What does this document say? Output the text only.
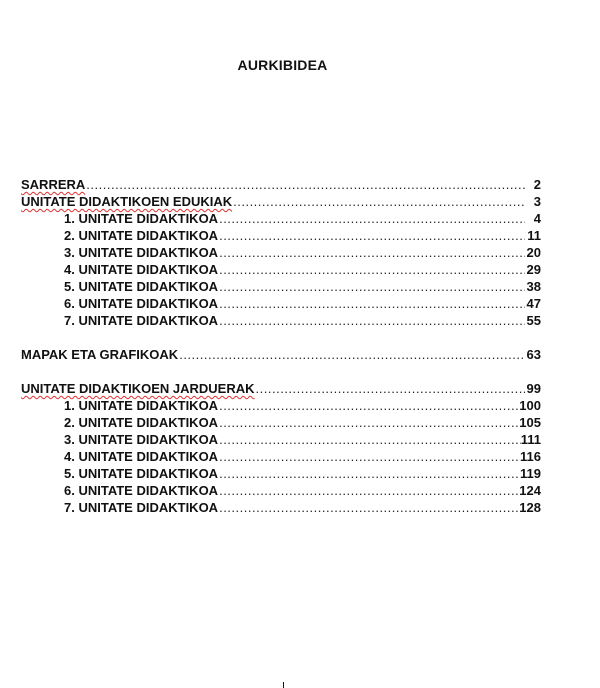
AURKIBIDEA
SARRERA .....	2
UNITATE DIDAKTIKOEN EDUKIAK .....	3
1. UNITATE DIDAKTIKOA .....	4
2. UNITATE DIDAKTIKOA .....	11
3. UNITATE DIDAKTIKOA .....	20
4. UNITATE DIDAKTIKOA .....	29
5. UNITATE DIDAKTIKOA .....	38
6. UNITATE DIDAKTIKOA .....	47
7. UNITATE DIDAKTIKOA .....	55
MAPAK ETA GRAFIKOAK .....	63
UNITATE DIDAKTIKOEN JARDUERAK .....	99
1. UNITATE DIDAKTIKOA .....	100
2. UNITATE DIDAKTIKOA .....	105
3. UNITATE DIDAKTIKOA .....	111
4. UNITATE DIDAKTIKOA .....	116
5. UNITATE DIDAKTIKOA .....	119
6. UNITATE DIDAKTIKOA .....	124
7. UNITATE DIDAKTIKOA .....	128
